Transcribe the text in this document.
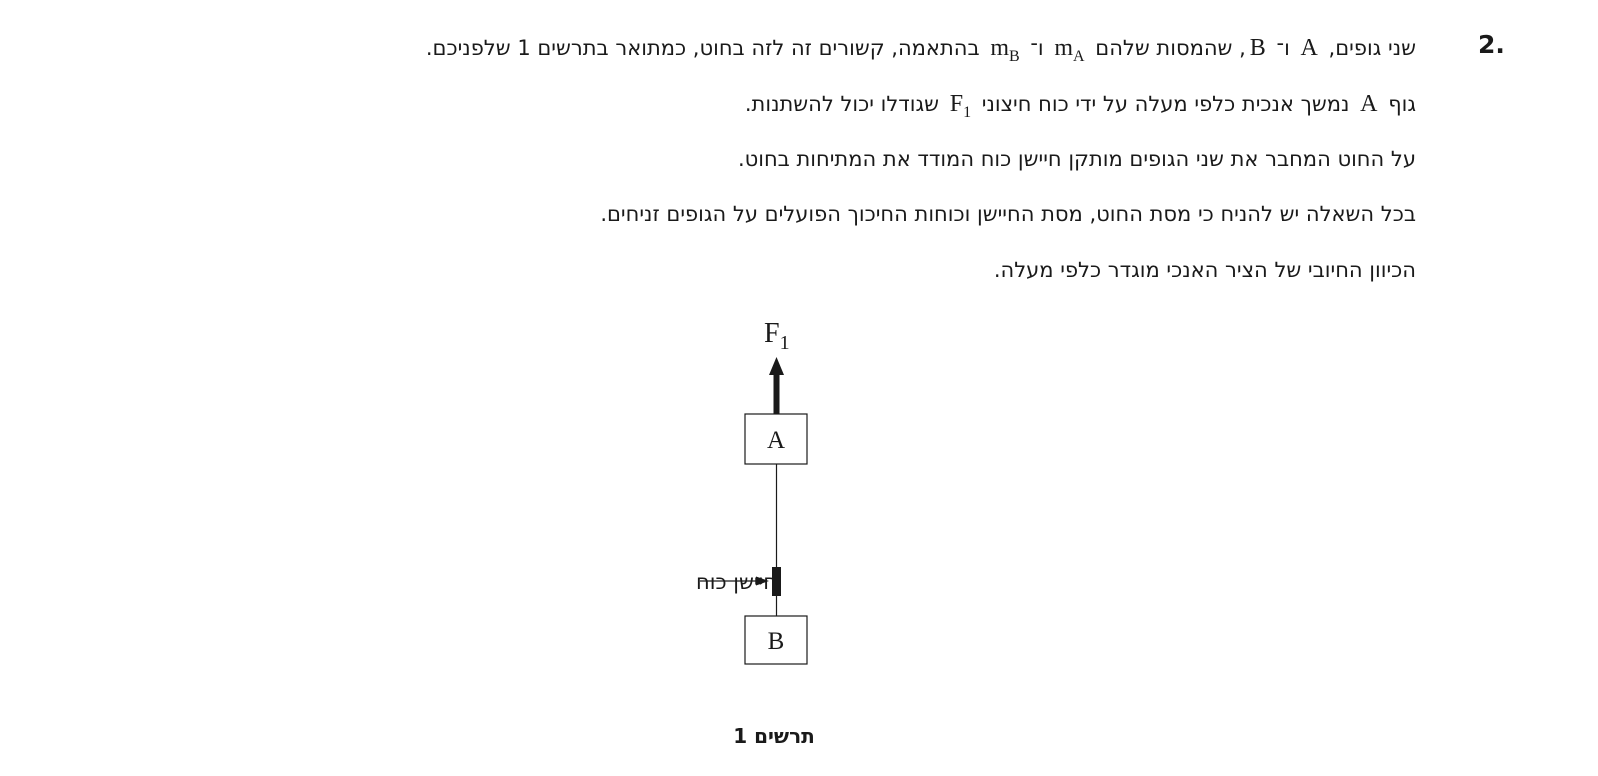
.2
שני גופים, A ו־ B, שהמסות שלהם $m_A$ ו־ $m_B$ בהתאמה, קשורים זה לזה בחוט, כמתואר בתרשים 1 שלפניכם.
גוף A נמשך אנכית כלפי מעלה על ידי כוח חיצוני $F_1$ שגודלו יכול להשתנות.
על החוט המחבר את שני הגופים מותקן חיישן כוח המודד את המתיחות בחוט.
בכל השאלה יש להניח כי מסת החוט, מסת החיישן וכוחות החיכוך הפועלים על הגופים זניחים.
הכיוון החיובי של הציר האנכי מוגדר כלפי מעלה.
$F_1$
A
B
חיישן כוח
תרשים 1
